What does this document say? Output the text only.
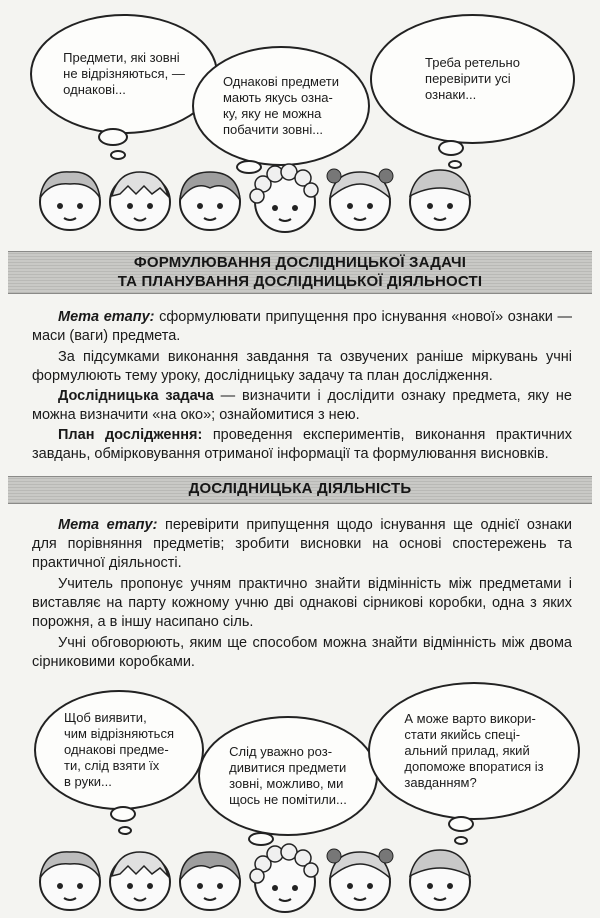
Предмети, які зовні
не відрізняються, —
однакові...
Однакові предмети
мають якусь озна-
ку, яку не можна
побачити зовні...
Треба ретельно
перевірити усі
ознаки...
ФОРМУЛЮВАННЯ ДОСЛІДНИЦЬКОЇ ЗАДАЧІ
ТА ПЛАНУВАННЯ ДОСЛІДНИЦЬКОЇ ДІЯЛЬНОСТІ

Мета етапу: сформулювати припущення про існування «нової» ознаки — маси (ваги) предмета.

За підсумками виконання завдання та озвучених раніше міркувань учні формулюють тему уроку, дослідницьку задачу та план дослідження.

Дослідницька задача — визначити і дослідити ознаку предмета, яку не можна визначити «на око»; ознайомитися з нею.

План дослідження: проведення експериментів, виконання практичних завдань, обмірковування отриманої інформації та формулювання висновків.

ДОСЛІДНИЦЬКА ДІЯЛЬНІСТЬ

Мета етапу: перевірити припущення щодо існування ще однієї ознаки для порівняння предметів; зробити висновки на основі спостережень та практичної діяльності.

Учитель пропонує учням практично знайти відмінність між предметами і виставляє на парту кожному учню дві однакові сірникові коробки, одна з яких порожня, а в іншу насипано сіль.

Учні обговорюють, яким ще способом можна знайти відмінність між двома сірниковими коробками.

Щоб виявити,
чим відрізняються
однакові предме-
ти, слід взяти їх
в руки...
Слід уважно роз-
дивитися предмети
зовні, можливо, ми
щось не помітили...
А може варто викори-
стати якийсь спеці-
альний прилад, який
допоможе впоратися із
завданням?
